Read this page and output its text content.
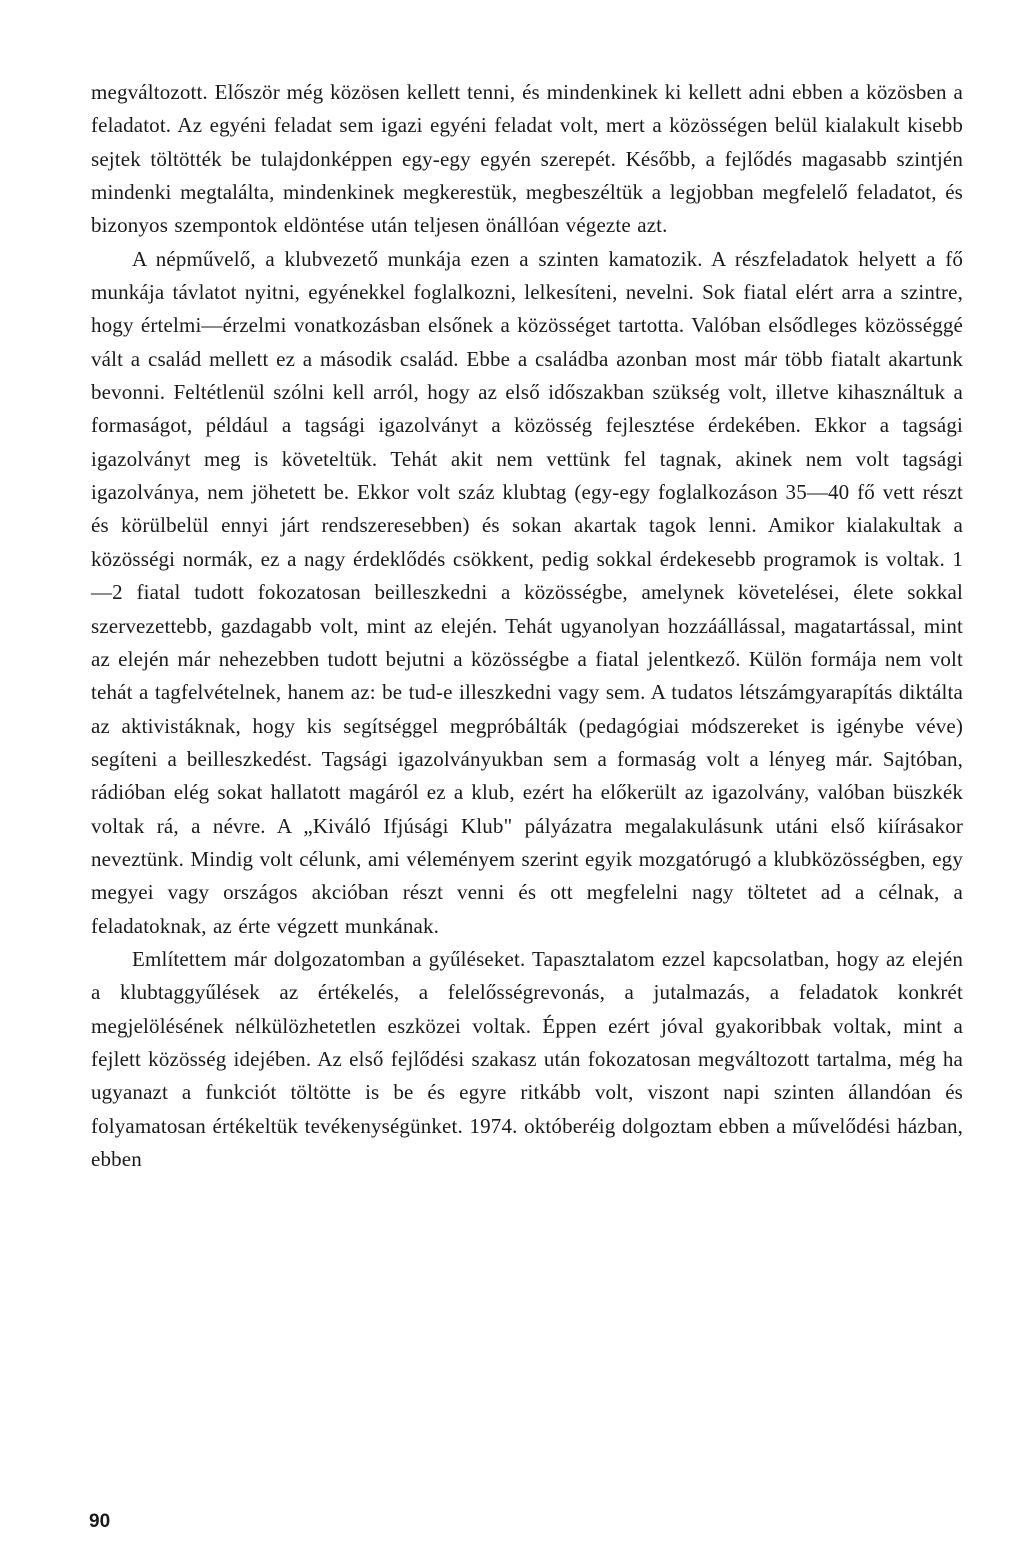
megváltozott. Először még közösen kellett tenni, és mindenkinek ki kellett adni ebben a közösben a feladatot. Az egyéni feladat sem igazi egyéni feladat volt, mert a közösségen belül kialakult kisebb sejtek töltötték be tulajdonképpen egy-egy egyén szerepét. Később, a fejlődés magasabb szintjén mindenki megtalálta, mindenkinek megkerestük, megbeszéltük a legjobban megfelelő feladatot, és bizonyos szempontok eldöntése után teljesen önállóan végezte azt.

A népművelő, a klubvezető munkája ezen a szinten kamatozik. A részfeladatok helyett a fő munkája távlatot nyitni, egyénekkel foglalkozni, lelkesíteni, nevelni. Sok fiatal elért arra a szintre, hogy értelmi—érzelmi vonatkozásban elsőnek a közösséget tartotta. Valóban elsődleges közösséggé vált a család mellett ez a második család. Ebbe a családba azonban most már több fiatalt akartunk bevonni. Feltétlenül szólni kell arról, hogy az első időszakban szükség volt, illetve kihasználtuk a formaságot, például a tagsági igazolványt a közösség fejlesztése érdekében. Ekkor a tagsági igazolványt meg is követeltük. Tehát akit nem vettünk fel tagnak, akinek nem volt tagsági igazolványa, nem jöhetett be. Ekkor volt száz klubtag (egy-egy foglalkozáson 35—40 fő vett részt és körülbelül ennyi járt rendszeresebben) és sokan akartak tagok lenni. Amikor kialakultak a közösségi normák, ez a nagy érdeklődés csökkent, pedig sokkal érdekesebb programok is voltak. 1—2 fiatal tudott fokozatosan beilleszkedni a közösségbe, amelynek követelései, élete sokkal szervezettebb, gazdagabb volt, mint az elején. Tehát ugyanolyan hozzáállással, magatartással, mint az elején már nehezebben tudott bejutni a közösségbe a fiatal jelentkező. Külön formája nem volt tehát a tagfelvételnek, hanem az: be tud-e illeszkedni vagy sem. A tudatos létszámgyarapítás diktálta az aktivistáknak, hogy kis segítséggel megpróbálták (pedagógiai módszereket is igénybe véve) segíteni a beilleszkedést. Tagsági igazolványukban sem a formaság volt a lényeg már. Sajtóban, rádióban elég sokat hallatott magáról ez a klub, ezért ha előkerült az igazolvány, valóban büszkék voltak rá, a névre. A „Kiváló Ifjúsági Klub" pályázatra megalakulásunk utáni első kiírásakor neveztünk. Mindig volt célunk, ami véleményem szerint egyik mozgatórugó a klubközösségben, egy megyei vagy országos akcióban részt venni és ott megfelelni nagy töltetet ad a célnak, a feladatoknak, az érte végzett munkának.

Említettem már dolgozatomban a gyűléseket. Tapasztalatom ezzel kapcsolatban, hogy az elején a klubtaggyűlések az értékelés, a felelősségrevonás, a jutalmazás, a feladatok konkrét megjelölésének nélkülözhetetlen eszközei voltak. Éppen ezért jóval gyakoribbak voltak, mint a fejlett közösség idejében. Az első fejlődési szakasz után fokozatosan megváltozott tartalma, még ha ugyanazt a funkciót töltötte is be és egyre ritkább volt, viszont napi szinten állandóan és folyamatosan értékeltük tevékenységünket. 1974. októberéig dolgoztam ebben a művelődési házban, ebben

90
